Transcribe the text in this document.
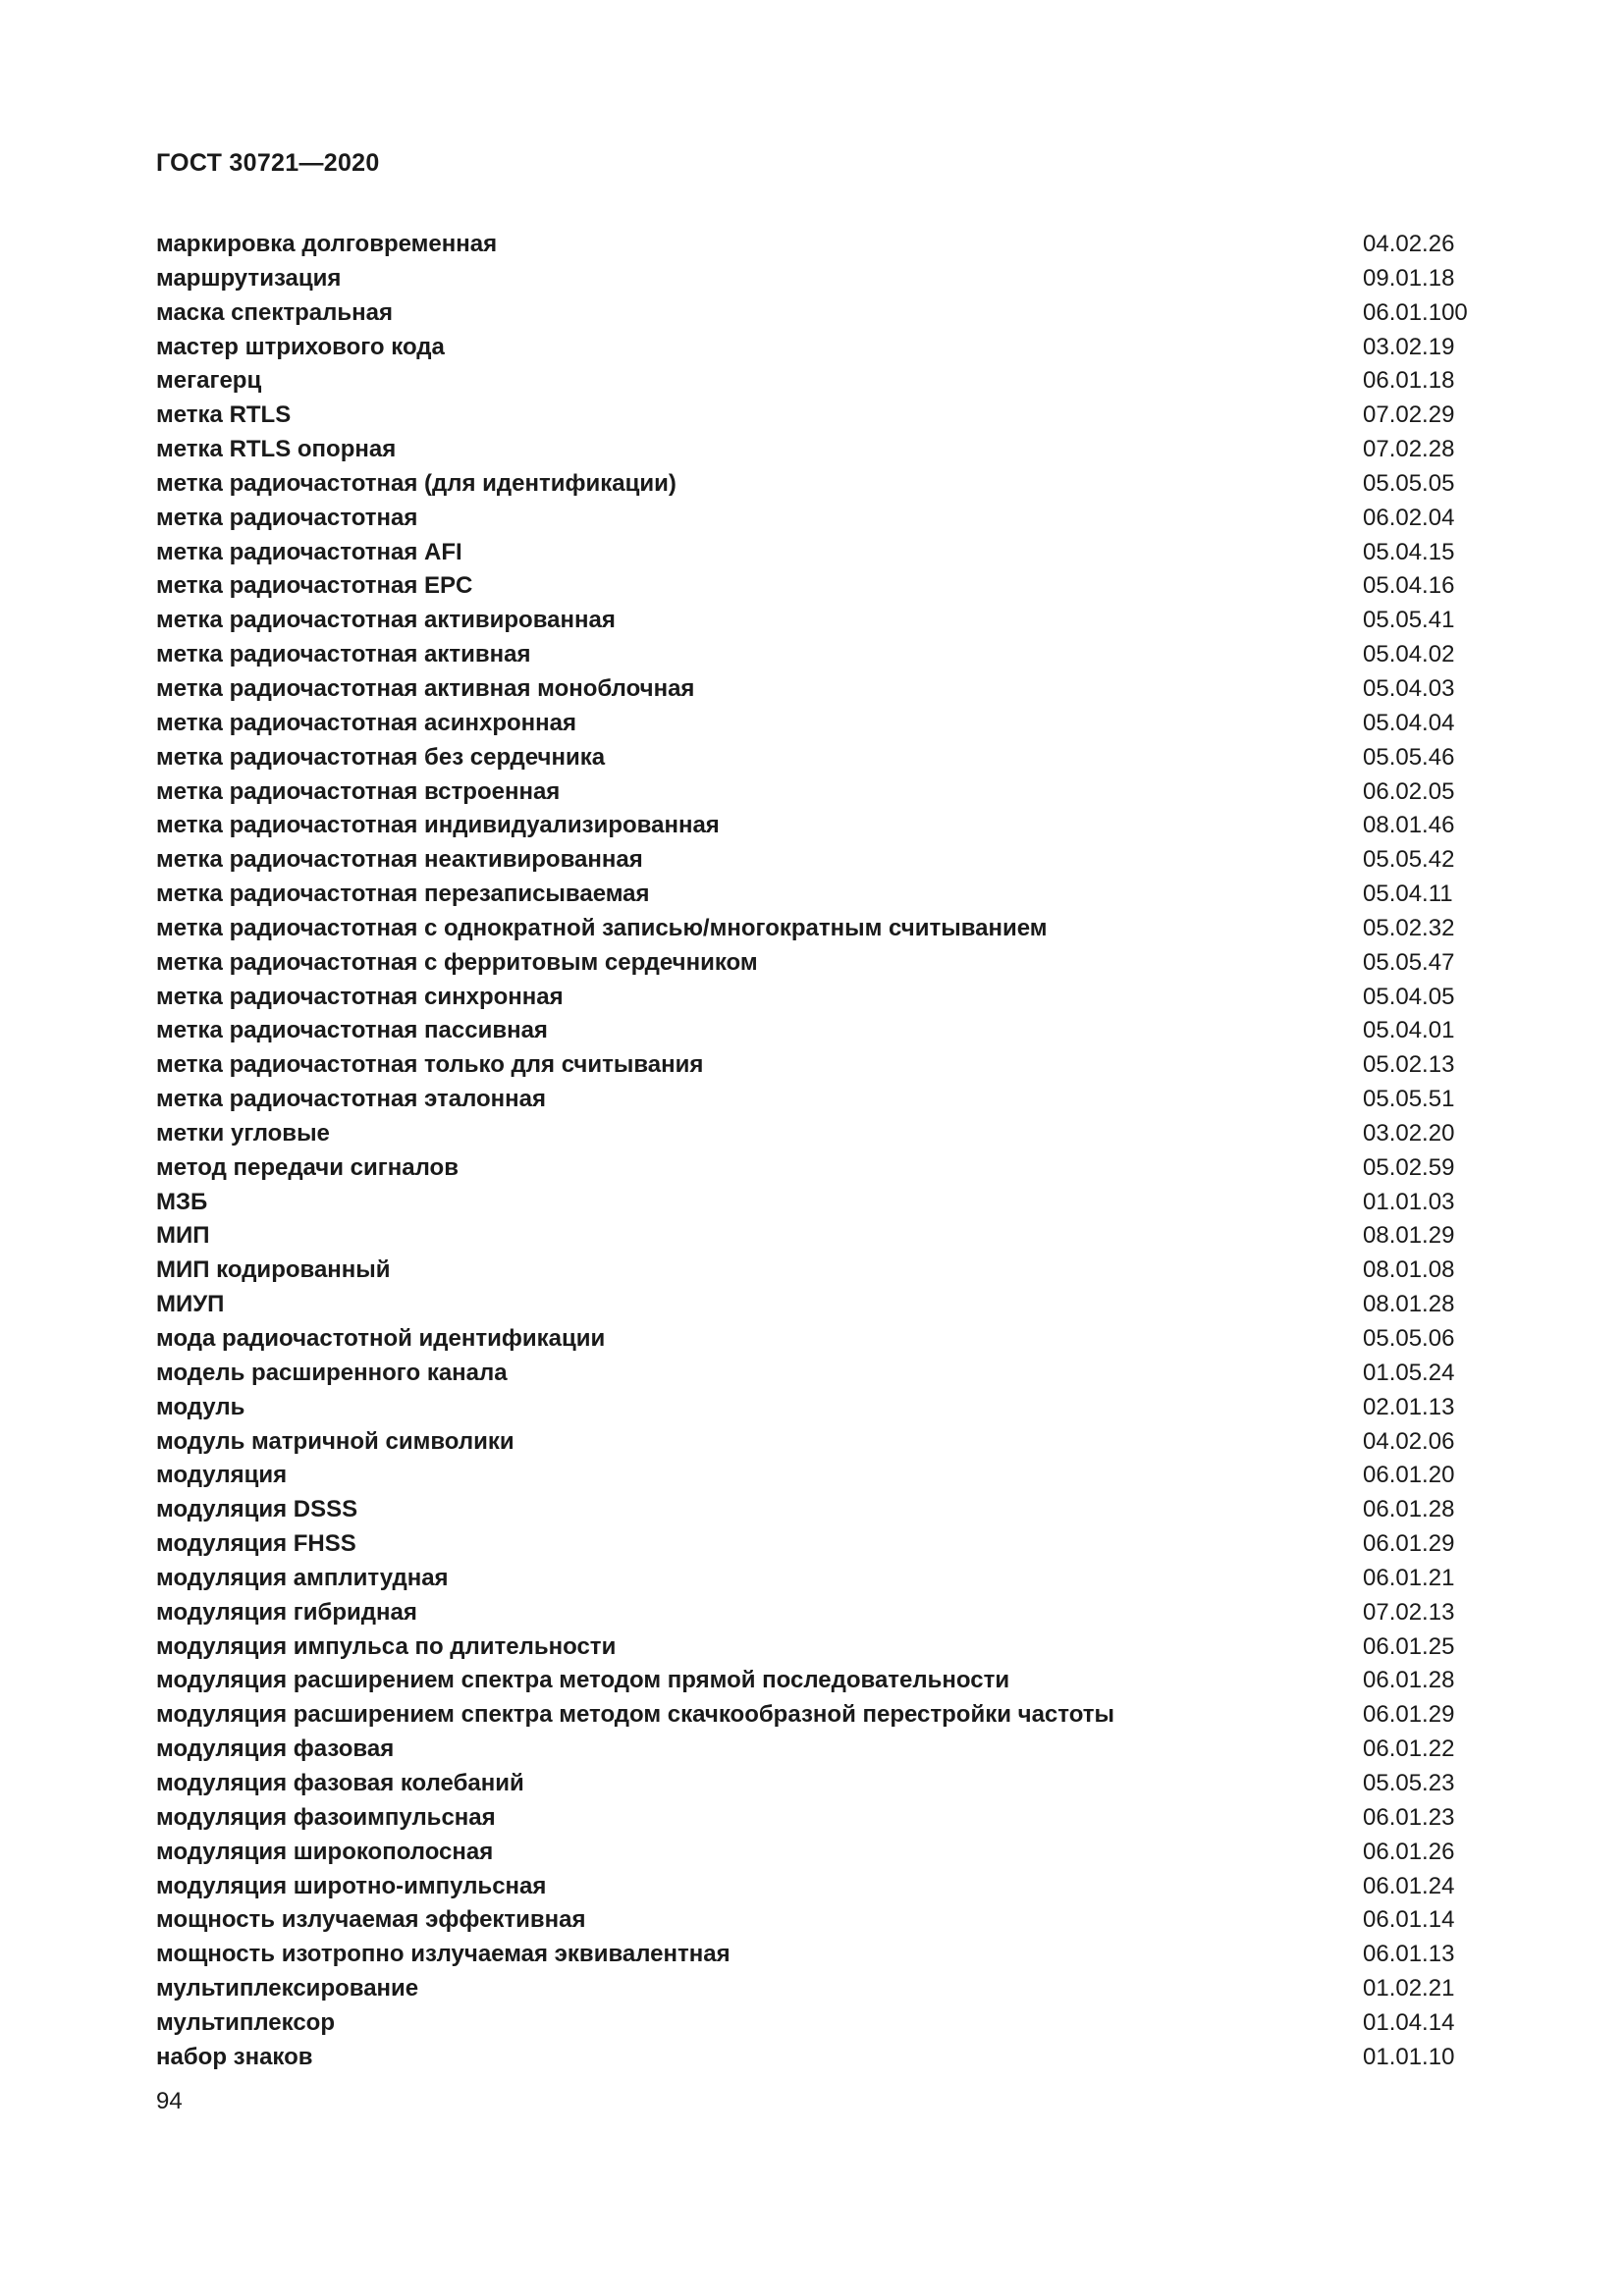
ГОСТ 30721—2020
маркировка долговременная	04.02.26
маршрутизация	09.01.18
маска спектральная	06.01.100
мастер штрихового кода	03.02.19
мегагерц	06.01.18
метка RTLS	07.02.29
метка RTLS опорная	07.02.28
метка радиочастотная (для идентификации)	05.05.05
метка радиочастотная	06.02.04
метка радиочастотная AFI	05.04.15
метка радиочастотная EPC	05.04.16
метка радиочастотная активированная	05.05.41
метка радиочастотная активная	05.04.02
метка радиочастотная активная моноблочная	05.04.03
метка радиочастотная асинхронная	05.04.04
метка радиочастотная без сердечника	05.05.46
метка радиочастотная встроенная	06.02.05
метка радиочастотная индивидуализированная	08.01.46
метка радиочастотная неактивированная	05.05.42
метка радиочастотная перезаписываемая	05.04.11
метка радиочастотная с однократной записью/многократным считыванием	05.02.32
метка радиочастотная с ферритовым сердечником	05.05.47
метка радиочастотная синхронная	05.04.05
метка радиочастотная пассивная	05.04.01
метка радиочастотная только для считывания	05.02.13
метка радиочастотная эталонная	05.05.51
метки угловые	03.02.20
метод передачи сигналов	05.02.59
МЗБ	01.01.03
МИП	08.01.29
МИП кодированный	08.01.08
МИУП	08.01.28
мода радиочастотной идентификации	05.05.06
модель расширенного канала	01.05.24
модуль	02.01.13
модуль матричной символики	04.02.06
модуляция	06.01.20
модуляция DSSS	06.01.28
модуляция FHSS	06.01.29
модуляция амплитудная	06.01.21
модуляция гибридная	07.02.13
модуляция импульса по длительности	06.01.25
модуляция расширением спектра методом прямой последовательности	06.01.28
модуляция расширением спектра методом скачкообразной перестройки частоты	06.01.29
модуляция фазовая	06.01.22
модуляция фазовая колебаний	05.05.23
модуляция фазоимпульсная	06.01.23
модуляция широкополосная	06.01.26
модуляция широтно-импульсная	06.01.24
мощность излучаемая эффективная	06.01.14
мощность изотропно излучаемая эквивалентная	06.01.13
мультиплексирование	01.02.21
мультиплексор	01.04.14
набор знаков	01.01.10
94
